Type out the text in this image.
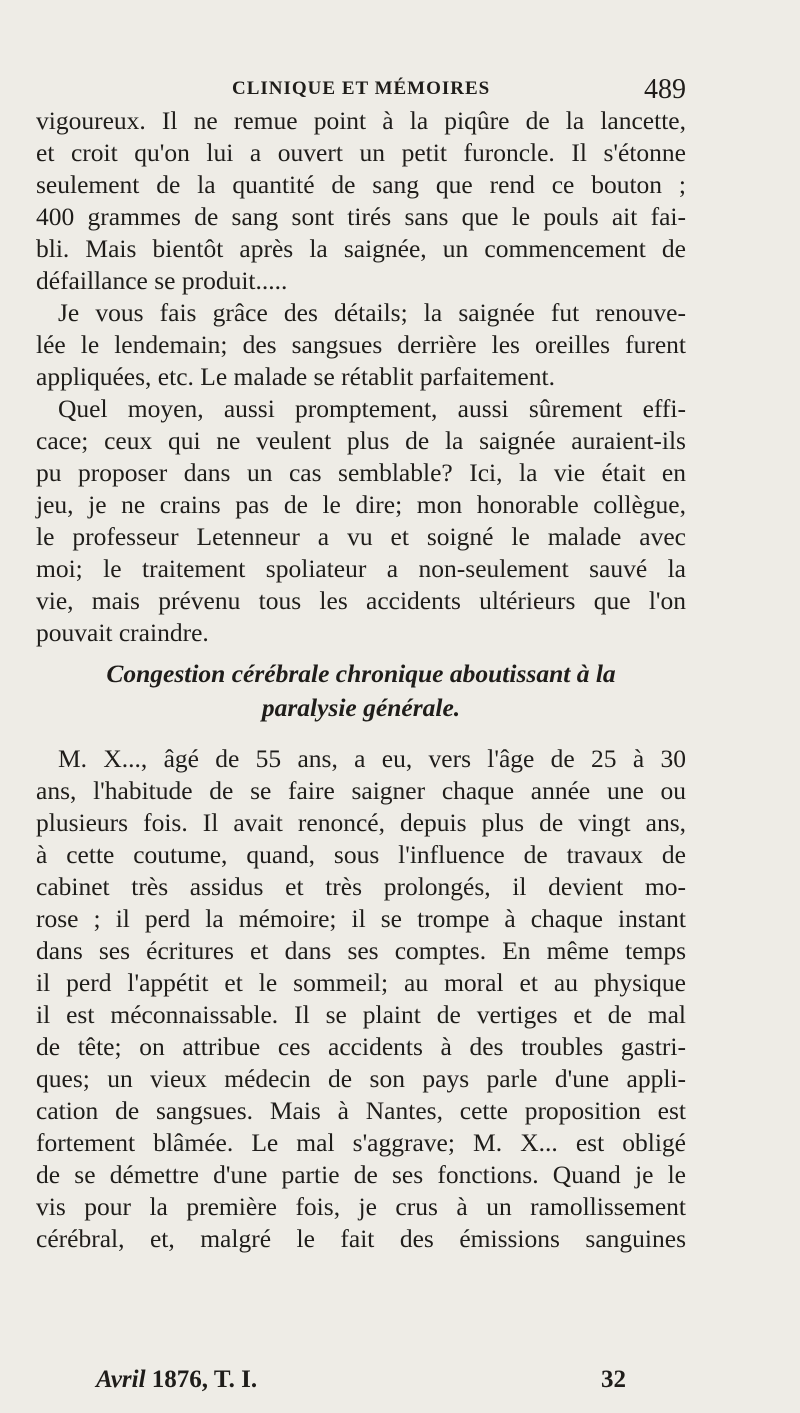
CLINIQUE ET MÉMOIRES	489
vigoureux. Il ne remue point à la piqûre de la lancette,
et croit qu'on lui a ouvert un petit furoncle. Il s'étonne
seulement de la quantité de sang que rend ce bouton ;
400 grammes de sang sont tirés sans que le pouls ait fai-
bli. Mais bientôt après la saignée, un commencement de
défaillance se produit.....
Je vous fais grâce des détails; la saignée fut renouve-
lée le lendemain; des sangsues derrière les oreilles furent
appliquées, etc. Le malade se rétablit parfaitement.
Quel moyen, aussi promptement, aussi sûrement effi-
cace; ceux qui ne veulent plus de la saignée auraient-ils
pu proposer dans un cas semblable? Ici, la vie était en
jeu, je ne crains pas de le dire; mon honorable collègue,
le professeur Letenneur a vu et soigné le malade avec
moi; le traitement spoliateur a non-seulement sauvé la
vie, mais prévenu tous les accidents ultérieurs que l'on
pouvait craindre.
Congestion cérébrale chronique aboutissant à la
paralysie générale.
M. X..., âgé de 55 ans, a eu, vers l'âge de 25 à 30
ans, l'habitude de se faire saigner chaque année une ou
plusieurs fois. Il avait renoncé, depuis plus de vingt ans,
à cette coutume, quand, sous l'influence de travaux de
cabinet très assidus et très prolongés, il devient mo-
rose ; il perd la mémoire; il se trompe à chaque instant
dans ses écritures et dans ses comptes. En même temps
il perd l'appétit et le sommeil; au moral et au physique
il est méconnaissable. Il se plaint de vertiges et de mal
de tête; on attribue ces accidents à des troubles gastri-
ques; un vieux médecin de son pays parle d'une appli-
cation de sangsues. Mais à Nantes, cette proposition est
fortement blâmée. Le mal s'aggrave; M. X... est obligé
de se démettre d'une partie de ses fonctions. Quand je le
vis pour la première fois, je crus à un ramollissement
cérébral, et, malgré le fait des émissions sanguines
Avril 1876, T. I.	32
